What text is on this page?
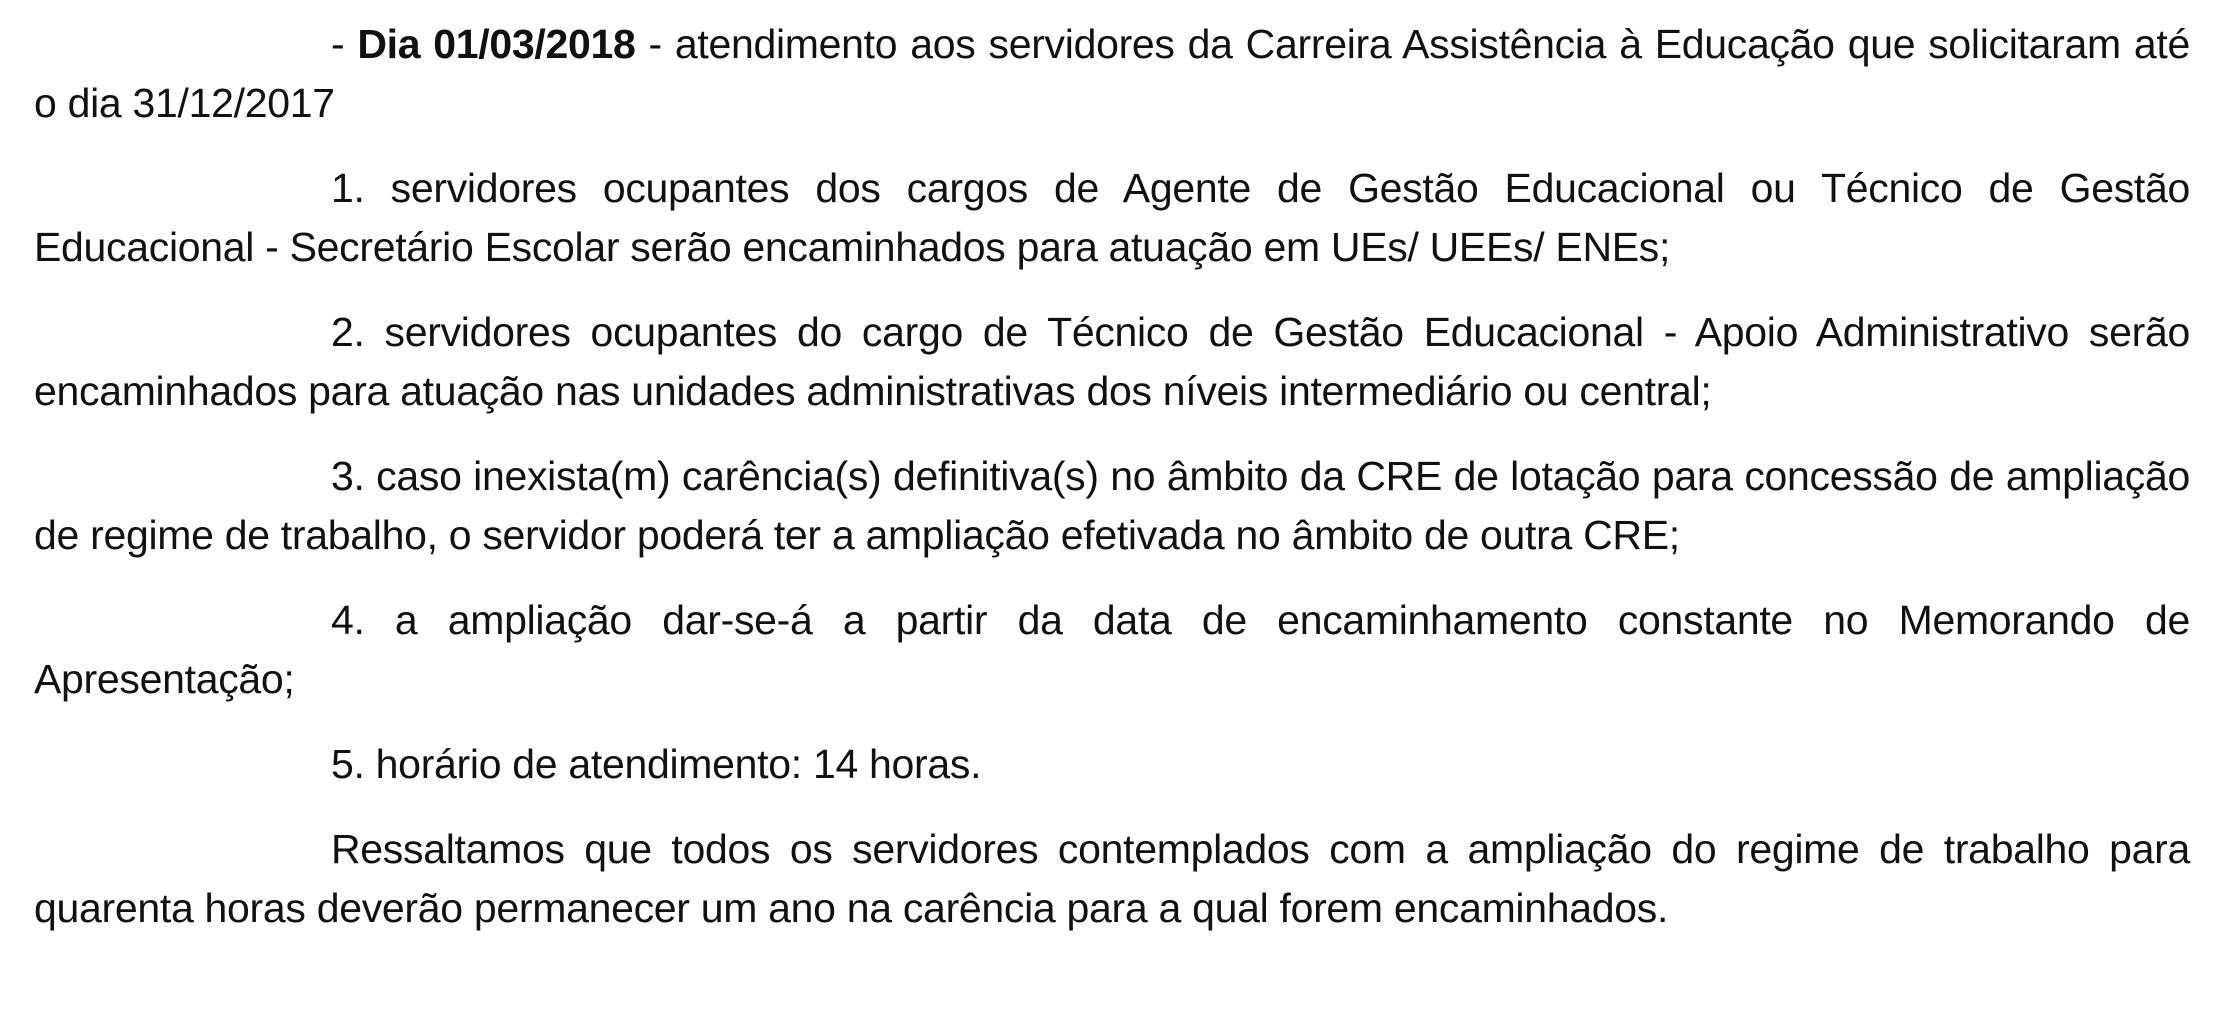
- Dia 01/03/2018 - atendimento aos servidores da Carreira Assistência à Educação que solicitaram até o dia 31/12/2017

1. servidores ocupantes dos cargos de Agente de Gestão Educacional ou Técnico de Gestão Educacional - Secretário Escolar serão encaminhados para atuação em UEs/ UEEs/ ENEs;

2. servidores ocupantes do cargo de Técnico de Gestão Educacional - Apoio Administrativo serão encaminhados para atuação nas unidades administrativas dos níveis intermediário ou central;

3. caso inexista(m) carência(s) definitiva(s) no âmbito da CRE de lotação para concessão de ampliação de regime de trabalho, o servidor poderá ter a ampliação efetivada no âmbito de outra CRE;

4. a ampliação dar-se-á a partir da data de encaminhamento constante no Memorando de Apresentação;

5. horário de atendimento: 14 horas.

Ressaltamos que todos os servidores contemplados com a ampliação do regime de trabalho para quarenta horas deverão permanecer um ano na carência para a qual forem encaminhados.
